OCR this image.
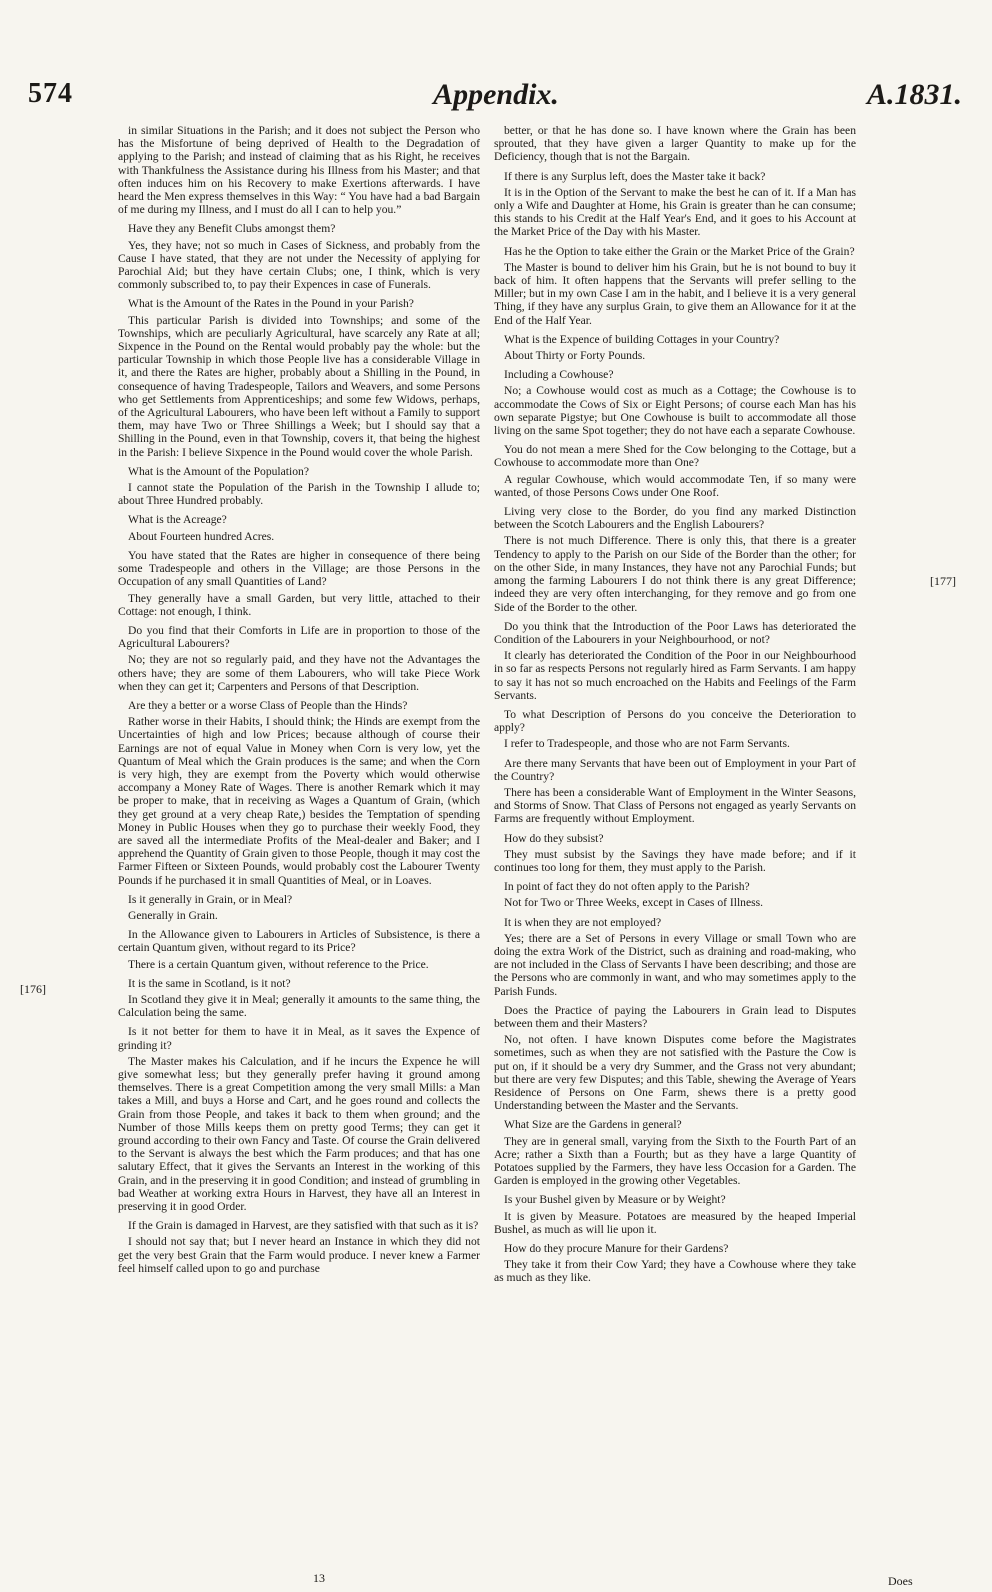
574	Appendix.	A.1831.

in similar Situations in the Parish; and it does not subject the Person who has the Misfortune of being deprived of Health to the Degradation of applying to the Parish; and instead of claiming that as his Right, he receives with Thankfulness the Assistance during his Illness from his Master; and that often induces him on his Recovery to make Exertions afterwards. I have heard the Men express themselves in this Way: “ You have had a bad Bargain of me during my Illness, and I must do all I can to help you.”

Have they any Benefit Clubs amongst them?

Yes, they have; not so much in Cases of Sickness, and probably from the Cause I have stated, that they are not under the Necessity of applying for Parochial Aid; but they have certain Clubs; one, I think, which is very commonly subscribed to, to pay their Expences in case of Funerals.

What is the Amount of the Rates in the Pound in your Parish?

This particular Parish is divided into Townships; and some of the Townships, which are peculiarly Agricultural, have scarcely any Rate at all; Sixpence in the Pound on the Rental would probably pay the whole: but the particular Township in which those People live has a considerable Village in it, and there the Rates are higher, probably about a Shilling in the Pound, in consequence of having Tradespeople, Tailors and Weavers, and some Persons who get Settlements from Apprenticeships; and some few Widows, perhaps, of the Agricultural Labourers, who have been left without a Family to support them, may have Two or Three Shillings a Week; but I should say that a Shilling in the Pound, even in that Township, covers it, that being the highest in the Parish: I believe Sixpence in the Pound would cover the whole Parish.

What is the Amount of the Population?

I cannot state the Population of the Parish in the Township I allude to; about Three Hundred probably.

What is the Acreage?

About Fourteen hundred Acres.

You have stated that the Rates are higher in consequence of there being some Tradespeople and others in the Village; are those Persons in the Occupation of any small Quantities of Land?

They generally have a small Garden, but very little, attached to their Cottage: not enough, I think.

Do you find that their Comforts in Life are in proportion to those of the Agricultural Labourers?

No; they are not so regularly paid, and they have not the Advantages the others have; they are some of them Labourers, who will take Piece Work when they can get it; Carpenters and Persons of that Description.

Are they a better or a worse Class of People than the Hinds?

Rather worse in their Habits, I should think; the Hinds are exempt from the Uncertainties of high and low Prices; because although of course their Earnings are not of equal Value in Money when Corn is very low, yet the Quantum of Meal which the Grain produces is the same; and when the Corn is very high, they are exempt from the Poverty which would otherwise accompany a Money Rate of Wages. There is another Remark which it may be proper to make, that in receiving as Wages a Quantum of Grain, (which they get ground at a very cheap Rate,) besides the Temptation of spending Money in Public Houses when they go to purchase their weekly Food, they are saved all the intermediate Profits of the Meal-dealer and Baker; and I apprehend the Quantity of Grain given to those People, though it may cost the Farmer Fifteen or Sixteen Pounds, would probably cost the Labourer Twenty Pounds if he purchased it in small Quantities of Meal, or in Loaves.

Is it generally in Grain, or in Meal?

Generally in Grain.

In the Allowance given to Labourers in Articles of Subsistence, is there a certain Quantum given, without regard to its Price?

There is a certain Quantum given, without reference to the Price.

It is the same in Scotland, is it not?

In Scotland they give it in Meal; generally it amounts to the same thing, the Calculation being the same.

Is it not better for them to have it in Meal, as it saves the Expence of grinding it?

The Master makes his Calculation, and if he incurs the Expence he will give somewhat less; but they generally prefer having it ground among themselves. There is a great Competition among the very small Mills: a Man takes a Mill, and buys a Horse and Cart, and he goes round and collects the Grain from those People, and takes it back to them when ground; and the Number of those Mills keeps them on pretty good Terms; they can get it ground according to their own Fancy and Taste. Of course the Grain delivered to the Servant is always the best which the Farm produces; and that has one salutary Effect, that it gives the Servants an Interest in the working of this Grain, and in the preserving it in good Condition; and instead of grumbling in bad Weather at working extra Hours in Harvest, they have all an Interest in preserving it in good Order.

If the Grain is damaged in Harvest, are they satisfied with that such as it is?

I should not say that; but I never heard an Instance in which they did not get the very best Grain that the Farm would produce. I never knew a Farmer feel himself called upon to go and purchase

better, or that he has done so. I have known where the Grain has been sprouted, that they have given a larger Quantity to make up for the Deficiency, though that is not the Bargain.

If there is any Surplus left, does the Master take it back?

It is in the Option of the Servant to make the best he can of it. If a Man has only a Wife and Daughter at Home, his Grain is greater than he can consume; this stands to his Credit at the Half Year's End, and it goes to his Account at the Market Price of the Day with his Master.

Has he the Option to take either the Grain or the Market Price of the Grain?

The Master is bound to deliver him his Grain, but he is not bound to buy it back of him. It often happens that the Servants will prefer selling to the Miller; but in my own Case I am in the habit, and I believe it is a very general Thing, if they have any surplus Grain, to give them an Allowance for it at the End of the Half Year.

What is the Expence of building Cottages in your Country?

About Thirty or Forty Pounds.

Including a Cowhouse?

No; a Cowhouse would cost as much as a Cottage; the Cowhouse is to accommodate the Cows of Six or Eight Persons; of course each Man has his own separate Pigstye; but One Cowhouse is built to accommodate all those living on the same Spot together; they do not have each a separate Cowhouse.

You do not mean a mere Shed for the Cow belonging to the Cottage, but a Cowhouse to accommodate more than One?

A regular Cowhouse, which would accommodate Ten, if so many were wanted, of those Persons Cows under One Roof.

Living very close to the Border, do you find any marked Distinction between the Scotch Labourers and the English Labourers?

There is not much Difference. There is only this, that there is a greater Tendency to apply to the Parish on our Side of the Border than the other; for on the other Side, in many Instances, they have not any Parochial Funds; but among the farming Labourers I do not think there is any great Difference; indeed they are very often interchanging, for they remove and go from one Side of the Border to the other.

Do you think that the Introduction of the Poor Laws has deteriorated the Condition of the Labourers in your Neighbourhood, or not?

It clearly has deteriorated the Condition of the Poor in our Neighbourhood in so far as respects Persons not regularly hired as Farm Servants. I am happy to say it has not so much encroached on the Habits and Feelings of the Farm Servants.

To what Description of Persons do you conceive the Deterioration to apply?

I refer to Tradespeople, and those who are not Farm Servants.

Are there many Servants that have been out of Employment in your Part of the Country?

There has been a considerable Want of Employment in the Winter Seasons, and Storms of Snow. That Class of Persons not engaged as yearly Servants on Farms are frequently without Employment.

How do they subsist?

They must subsist by the Savings they have made before; and if it continues too long for them, they must apply to the Parish.

In point of fact they do not often apply to the Parish?

Not for Two or Three Weeks, except in Cases of Illness.

It is when they are not employed?

Yes; there are a Set of Persons in every Village or small Town who are doing the extra Work of the District, such as draining and road-making, who are not included in the Class of Servants I have been describing; and those are the Persons who are commonly in want, and who may sometimes apply to the Parish Funds.

Does the Practice of paying the Labourers in Grain lead to Disputes between them and their Masters?

No, not often. I have known Disputes come before the Magistrates sometimes, such as when they are not satisfied with the Pasture the Cow is put on, if it should be a very dry Summer, and the Grass not very abundant; but there are very few Disputes; and this Table, shewing the Average of Years Residence of Persons on One Farm, shews there is a pretty good Understanding between the Master and the Servants.

What Size are the Gardens in general?

They are in general small, varying from the Sixth to the Fourth Part of an Acre; rather a Sixth than a Fourth; but as they have a large Quantity of Potatoes supplied by the Farmers, they have less Occasion for a Garden. The Garden is employed in the growing other Vegetables.

Is your Bushel given by Measure or by Weight?

It is given by Measure. Potatoes are measured by the heaped Imperial Bushel, as much as will lie upon it.

How do they procure Manure for their Gardens?

They take it from their Cow Yard; they have a Cowhouse where they take as much as they like.

[176]
[177]
13	Does
